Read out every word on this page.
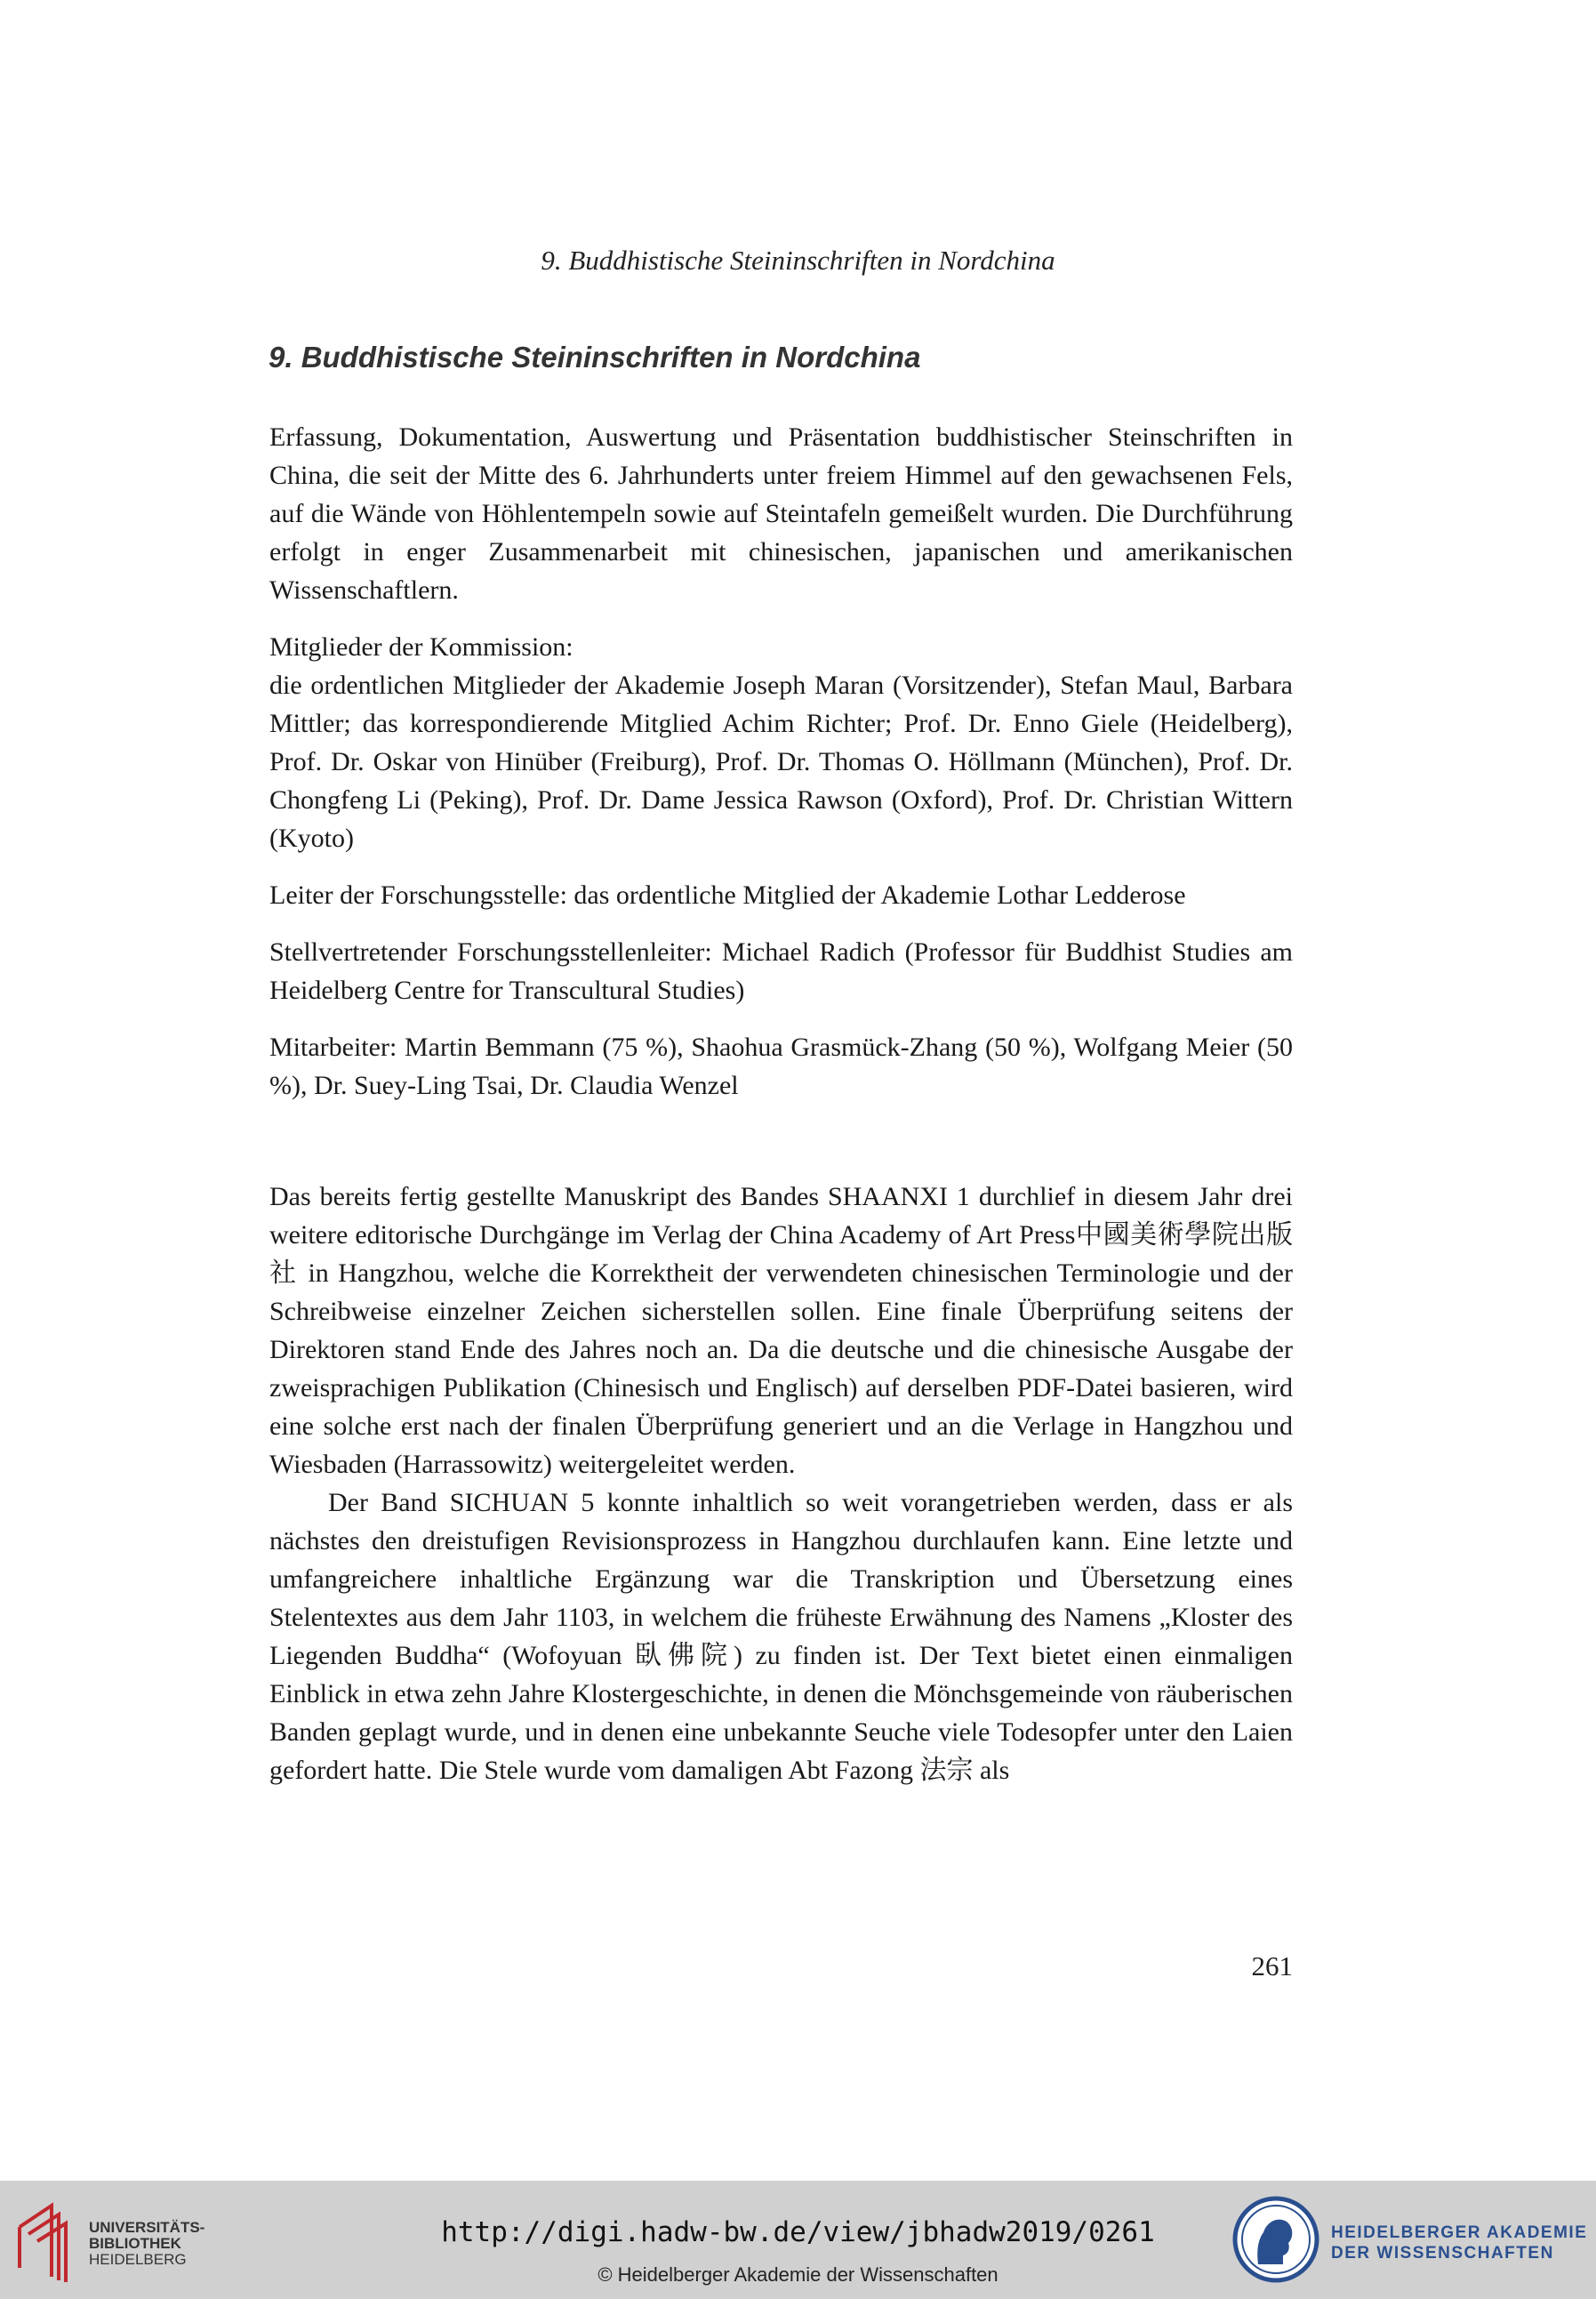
9. Buddhistische Steininschriften in Nordchina
9. Buddhistische Steininschriften in Nordchina

Erfassung, Dokumentation, Auswertung und Präsentation buddhistischer Steinschriften in China, die seit der Mitte des 6. Jahrhunderts unter freiem Himmel auf den gewachsenen Fels, auf die Wände von Höhlentempeln sowie auf Steintafeln gemeißelt wurden. Die Durchführung erfolgt in enger Zusammenarbeit mit chinesischen, japanischen und amerikanischen Wissenschaftlern.

Mitglieder der Kommission:

die ordentlichen Mitglieder der Akademie Joseph Maran (Vorsitzender), Stefan Maul, Barbara Mittler; das korrespondierende Mitglied Achim Richter; Prof. Dr. Enno Giele (Heidelberg), Prof. Dr. Oskar von Hinüber (Freiburg), Prof. Dr. Thomas O. Höllmann (München), Prof. Dr. Chongfeng Li (Peking), Prof. Dr. Dame Jessica Rawson (Oxford), Prof. Dr. Christian Wittern (Kyoto)

Leiter der Forschungsstelle: das ordentliche Mitglied der Akademie Lothar Ledderose

Stellvertretender Forschungsstellenleiter: Michael Radich (Professor für Buddhist Studies am Heidelberg Centre for Transcultural Studies)

Mitarbeiter: Martin Bemmann (75 %), Shaohua Grasmück-Zhang (50 %), Wolfgang Meier (50 %), Dr. Suey-Ling Tsai, Dr. Claudia Wenzel

Das bereits fertig gestellte Manuskript des Bandes SHAANXI 1 durchlief in diesem Jahr drei weitere editorische Durchgänge im Verlag der China Academy of Art Press中國美術學院出版社 in Hangzhou, welche die Korrektheit der verwendeten chinesischen Terminologie und der Schreibweise einzelner Zeichen sicherstellen sollen. Eine finale Überprüfung seitens der Direktoren stand Ende des Jahres noch an. Da die deutsche und die chinesische Ausgabe der zweisprachigen Publikation (Chinesisch und Englisch) auf derselben PDF-Datei basieren, wird eine solche erst nach der finalen Überprüfung generiert und an die Verlage in Hangzhou und Wiesbaden (Harrassowitz) weitergeleitet werden.

Der Band SICHUAN 5 konnte inhaltlich so weit vorangetrieben werden, dass er als nächstes den dreistufigen Revisionsprozess in Hangzhou durchlaufen kann. Eine letzte und umfangreichere inhaltliche Ergänzung war die Transkription und Übersetzung eines Stelentextes aus dem Jahr 1103, in welchem die früheste Erwähnung des Namens „Kloster des Liegenden Buddha“ (Wofoyuan 臥佛院) zu finden ist. Der Text bietet einen einmaligen Einblick in etwa zehn Jahre Klostergeschichte, in denen die Mönchsgemeinde von räuberischen Banden geplagt wurde, und in denen eine unbekannte Seuche viele Todesopfer unter den Laien gefordert hatte. Die Stele wurde vom damaligen Abt Fazong 法宗 als

261
UNIVERSITÄTS-
BIBLIOTHEK
HEIDELBERG
http://digi.hadw-bw.de/view/jbhadw2019/0261
© Heidelberger Akademie der Wissenschaften
HEIDELBERGER AKADEMIE
DER WISSENSCHAFTEN
